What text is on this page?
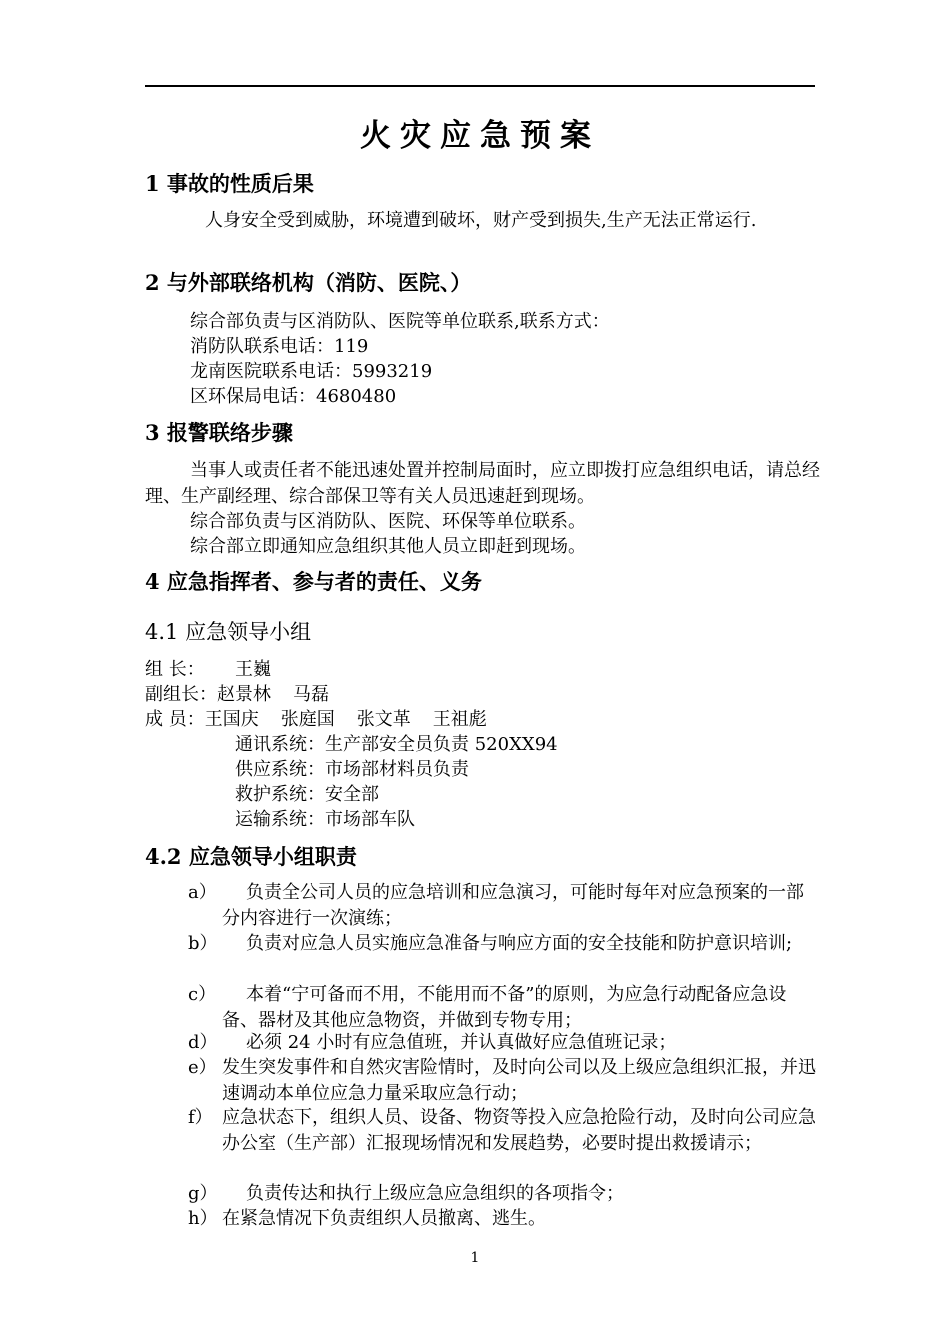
火灾应急预案
1 事故的性质后果
人身安全受到威胁，环境遭到破坏，财产受到损失,生产无法正常运行.
2 与外部联络机构（消防、医院、）
综合部负责与区消防队、医院等单位联系,联系方式：
消防队联系电话：119
龙南医院联系电话：5993219
区环保局电话：4680480
3 报警联络步骤
当事人或责任者不能迅速处置并控制局面时，应立即拨打应急组织电话，请总经理、生产副经理、综合部保卫等有关人员迅速赶到现场。
综合部负责与区消防队、医院、环保等单位联系。
综合部立即通知应急组织其他人员立即赶到现场。
4 应急指挥者、参与者的责任、义务
4.1 应急领导小组
组 长： 王巍
副组长：赵景林 马磊
成 员：王国庆 张庭国 张文革 王祖彪
通讯系统：生产部安全员负责 520XX94
供应系统：市场部材料员负责
救护系统：安全部
运输系统：市场部车队
4.2 应急领导小组职责
a）	负责全公司人员的应急培训和应急演习，可能时每年对应急预案的一部分内容进行一次演练；
b）	负责对应急人员实施应急准备与响应方面的安全技能和防护意识培训;
c）	本着“宁可备而不用，不能用而不备”的原则，为应急行动配备应急设备、器材及其他应急物资，并做到专物专用；
d）	必须 24 小时有应急值班，并认真做好应急值班记录；
e） 发生突发事件和自然灾害险情时，及时向公司以及上级应急组织汇报，并迅速调动本单位应急力量采取应急行动；
f） 应急状态下，组织人员、设备、物资等投入应急抢险行动，及时向公司应急办公室（生产部）汇报现场情况和发展趋势，必要时提出救援请示；
g）	负责传达和执行上级应急应急组织的各项指令；
h） 在紧急情况下负责组织人员撤离、逃生。
1
